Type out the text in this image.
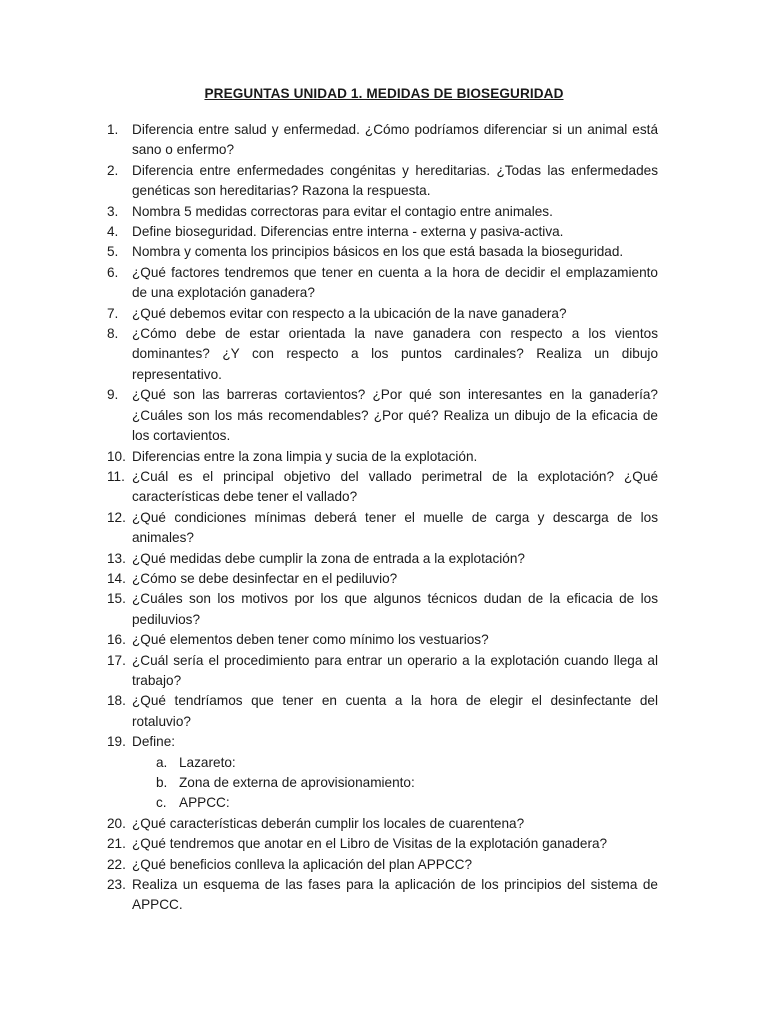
PREGUNTAS UNIDAD 1. MEDIDAS DE BIOSEGURIDAD
1. Diferencia entre salud y enfermedad. ¿Cómo podríamos diferenciar si un animal está sano o enfermo?
2. Diferencia entre enfermedades congénitas y hereditarias. ¿Todas las enfermedades genéticas son hereditarias? Razona la respuesta.
3. Nombra 5 medidas correctoras para evitar el contagio entre animales.
4. Define bioseguridad. Diferencias entre interna - externa y pasiva-activa.
5. Nombra y comenta los principios básicos en los que está basada la bioseguridad.
6. ¿Qué factores tendremos que tener en cuenta a la hora de decidir el emplazamiento de una explotación ganadera?
7. ¿Qué debemos evitar con respecto a la ubicación de la nave ganadera?
8. ¿Cómo debe de estar orientada la nave ganadera con respecto a los vientos dominantes? ¿Y con respecto a los puntos cardinales? Realiza un dibujo representativo.
9. ¿Qué son las barreras cortavientos? ¿Por qué son interesantes en la ganadería? ¿Cuáles son los más recomendables? ¿Por qué? Realiza un dibujo de la eficacia de los cortavientos.
10. Diferencias entre la zona limpia y sucia de la explotación.
11. ¿Cuál es el principal objetivo del vallado perimetral de la explotación? ¿Qué características debe tener el vallado?
12. ¿Qué condiciones mínimas deberá tener el muelle de carga y descarga de los animales?
13. ¿Qué medidas debe cumplir la zona de entrada a la explotación?
14. ¿Cómo se debe desinfectar en el pediluvio?
15. ¿Cuáles son los motivos por los que algunos técnicos dudan de la eficacia de los pediluvios?
16. ¿Qué elementos deben tener como mínimo los vestuarios?
17. ¿Cuál sería el procedimiento para entrar un operario a la explotación cuando llega al trabajo?
18. ¿Qué tendríamos que tener en cuenta a la hora de elegir el desinfectante del rotaluvio?
19. Define:
a. Lazareto:
b. Zona de externa de aprovisionamiento:
c. APPCC:
20. ¿Qué características deberán cumplir los locales de cuarentena?
21. ¿Qué tendremos que anotar en el Libro de Visitas de la explotación ganadera?
22. ¿Qué beneficios conlleva la aplicación del plan APPCC?
23. Realiza un esquema de las fases para la aplicación de los principios del sistema de APPCC.
